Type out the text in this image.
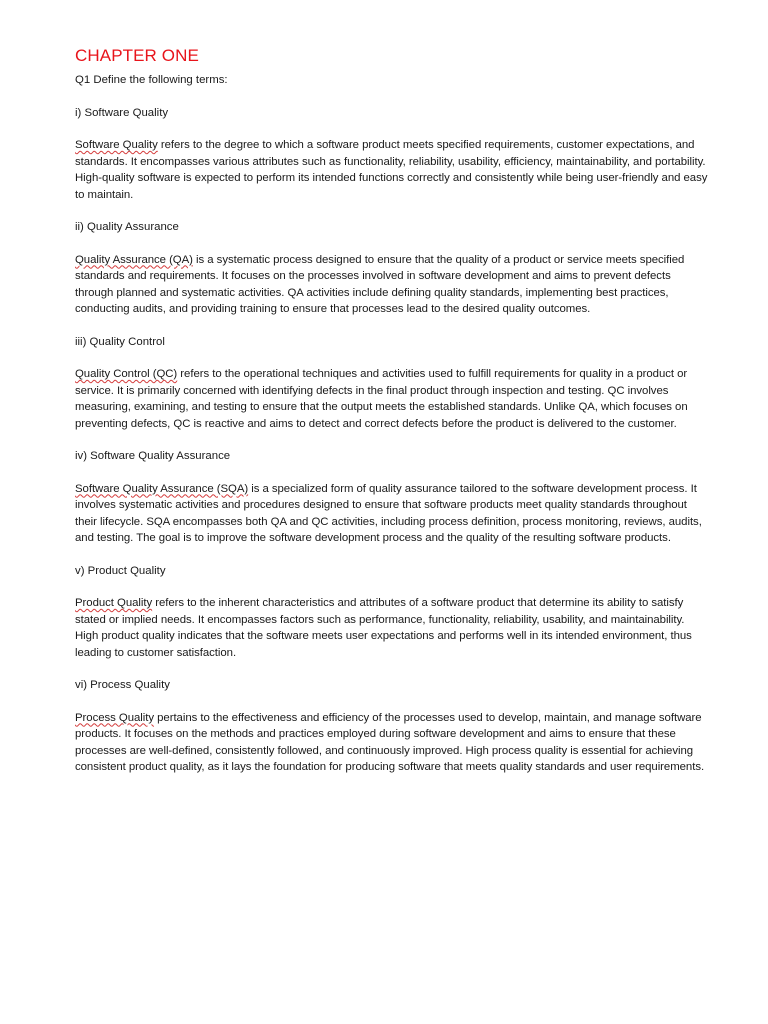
CHAPTER ONE

Q1 Define the following terms:

i) Software Quality

Software Quality refers to the degree to which a software product meets specified requirements, customer expectations, and standards. It encompasses various attributes such as functionality, reliability, usability, efficiency, maintainability, and portability. High-quality software is expected to perform its intended functions correctly and consistently while being user-friendly and easy to maintain.

ii) Quality Assurance

Quality Assurance (QA) is a systematic process designed to ensure that the quality of a product or service meets specified standards and requirements. It focuses on the processes involved in software development and aims to prevent defects through planned and systematic activities. QA activities include defining quality standards, implementing best practices, conducting audits, and providing training to ensure that processes lead to the desired quality outcomes.

iii) Quality Control

Quality Control (QC) refers to the operational techniques and activities used to fulfill requirements for quality in a product or service. It is primarily concerned with identifying defects in the final product through inspection and testing. QC involves measuring, examining, and testing to ensure that the output meets the established standards. Unlike QA, which focuses on preventing defects, QC is reactive and aims to detect and correct defects before the product is delivered to the customer.

iv) Software Quality Assurance

Software Quality Assurance (SQA) is a specialized form of quality assurance tailored to the software development process. It involves systematic activities and procedures designed to ensure that software products meet quality standards throughout their lifecycle. SQA encompasses both QA and QC activities, including process definition, process monitoring, reviews, audits, and testing. The goal is to improve the software development process and the quality of the resulting software products.

v) Product Quality

Product Quality refers to the inherent characteristics and attributes of a software product that determine its ability to satisfy stated or implied needs. It encompasses factors such as performance, functionality, reliability, usability, and maintainability. High product quality indicates that the software meets user expectations and performs well in its intended environment, thus leading to customer satisfaction.

vi) Process Quality

Process Quality pertains to the effectiveness and efficiency of the processes used to develop, maintain, and manage software products. It focuses on the methods and practices employed during software development and aims to ensure that these processes are well-defined, consistently followed, and continuously improved. High process quality is essential for achieving consistent product quality, as it lays the foundation for producing software that meets quality standards and user requirements.
